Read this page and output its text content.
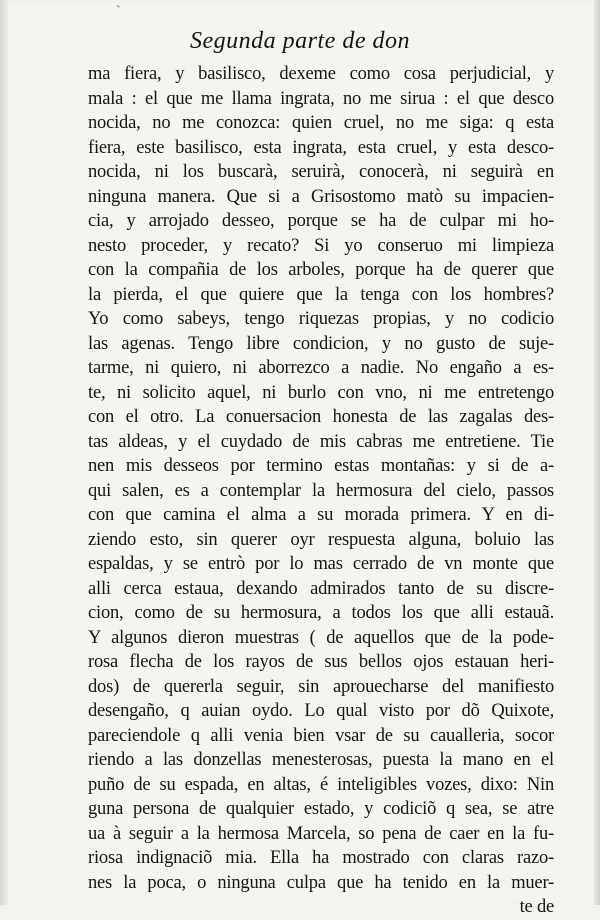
`
Segunda parte de don
ma fiera, y basilisco, dexeme como cosa perjudicial, y
mala : el que me llama ingrata, no me sirua : el que desco
nocida, no me conozca: quien cruel, no me siga: q esta
fiera, este basilisco, esta ingrata, esta cruel, y esta desco-
nocida, ni los buscarà, seruirà, conocerà, ni seguirà en
ninguna manera. Que si a Grisostomo matò su impacien-
cia, y arrojado desseo, porque se ha de culpar mi ho-
nesto proceder, y recato? Si yo conseruo mi limpieza
con la compañia de los arboles, porque ha de querer que
la pierda, el que quiere que la tenga con los hombres?
Yo como sabeys, tengo riquezas propias, y no codicio
las agenas. Tengo libre condicion, y no gusto de suje-
tarme, ni quiero, ni aborrezco a nadie. No engaño a es-
te, ni solicito aquel, ni burlo con vno, ni me entretengo
con el otro. La conuersacion honesta de las zagalas des-
tas aldeas, y el cuydado de mis cabras me entretiene. Tie
nen mis desseos por termino estas montañas: y si de a-
qui salen, es a contemplar la hermosura del cielo, passos
con que camina el alma a su morada primera. Y en di-
ziendo esto, sin querer oyr respuesta alguna, boluio las
espaldas, y se entrò por lo mas cerrado de vn monte que
alli cerca estaua, dexando admirados tanto de su discre-
cion, como de su hermosura, a todos los que alli estauã.
Y algunos dieron muestras ( de aquellos que de la pode-
rosa flecha de los rayos de sus bellos ojos estauan heri-
dos) de quererla seguir, sin aprouecharse del manifiesto
desengaño, q auian oydo. Lo qual visto por dõ Quixote,
pareciendole q alli venia bien vsar de su caualleria, socor
riendo a las donzellas menesterosas, puesta la mano en el
puño de su espada, en altas, é inteligibles vozes, dixo: Nin
guna persona de qualquier estado, y codiciõ q sea, se atre
ua à seguir a la hermosa Marcela, so pena de caer en la fu-
riosa indignaciõ mia. Ella ha mostrado con claras razo-
nes la poca, o ninguna culpa que ha tenido en la muer-
te de
